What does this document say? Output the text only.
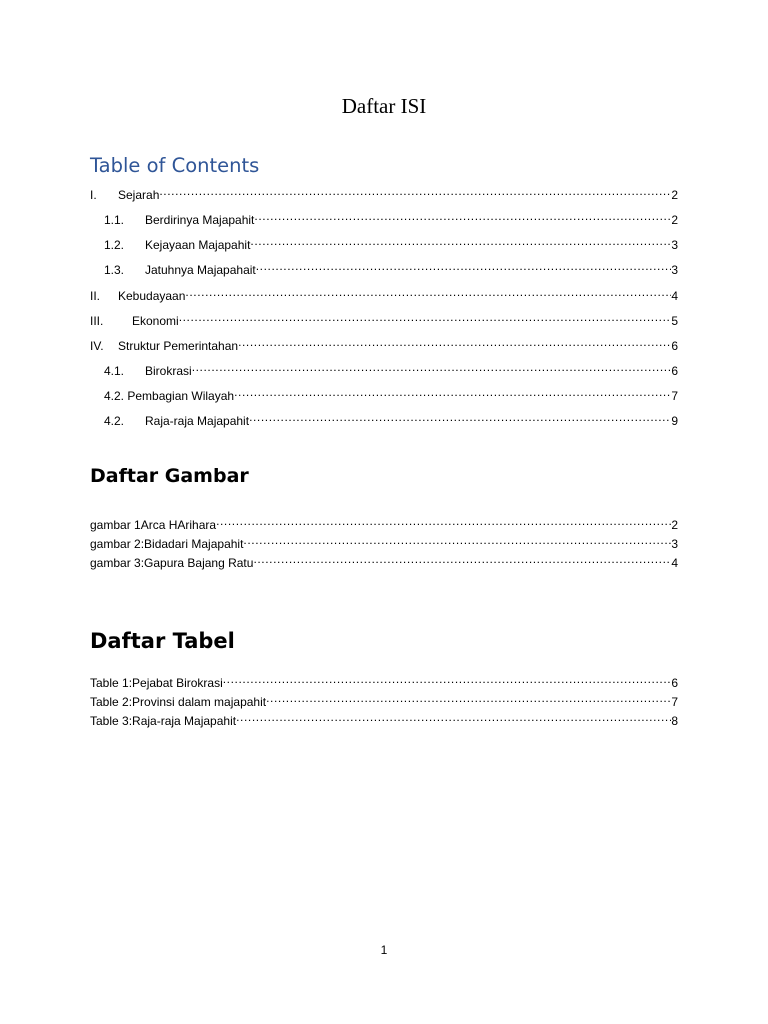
Daftar ISI
Table of Contents
I.	Sejarah .....	2
1.1.	Berdirinya Majapahit .....	2
1.2.	Kejayaan Majapahit .....	3
1.3.	Jatuhnya Majapahait .....	3
II.	Kebudayaan .....	4
III.	Ekonomi .....	5
IV.	Struktur Pemerintahan .....	6
4.1.	Birokrasi .....	6
4.2. Pembagian Wilayah .....	7
4.2.	Raja-raja Majapahit .....	9
Daftar Gambar
gambar 1Arca HArihara .....	2
gambar 2:Bidadari Majapahit .....	3
gambar 3:Gapura Bajang Ratu .....	4
Daftar Tabel
Table 1:Pejabat Birokrasi .....	6
Table 2:Provinsi dalam majapahit .....	7
Table 3:Raja-raja Majapahit .....	8
1
